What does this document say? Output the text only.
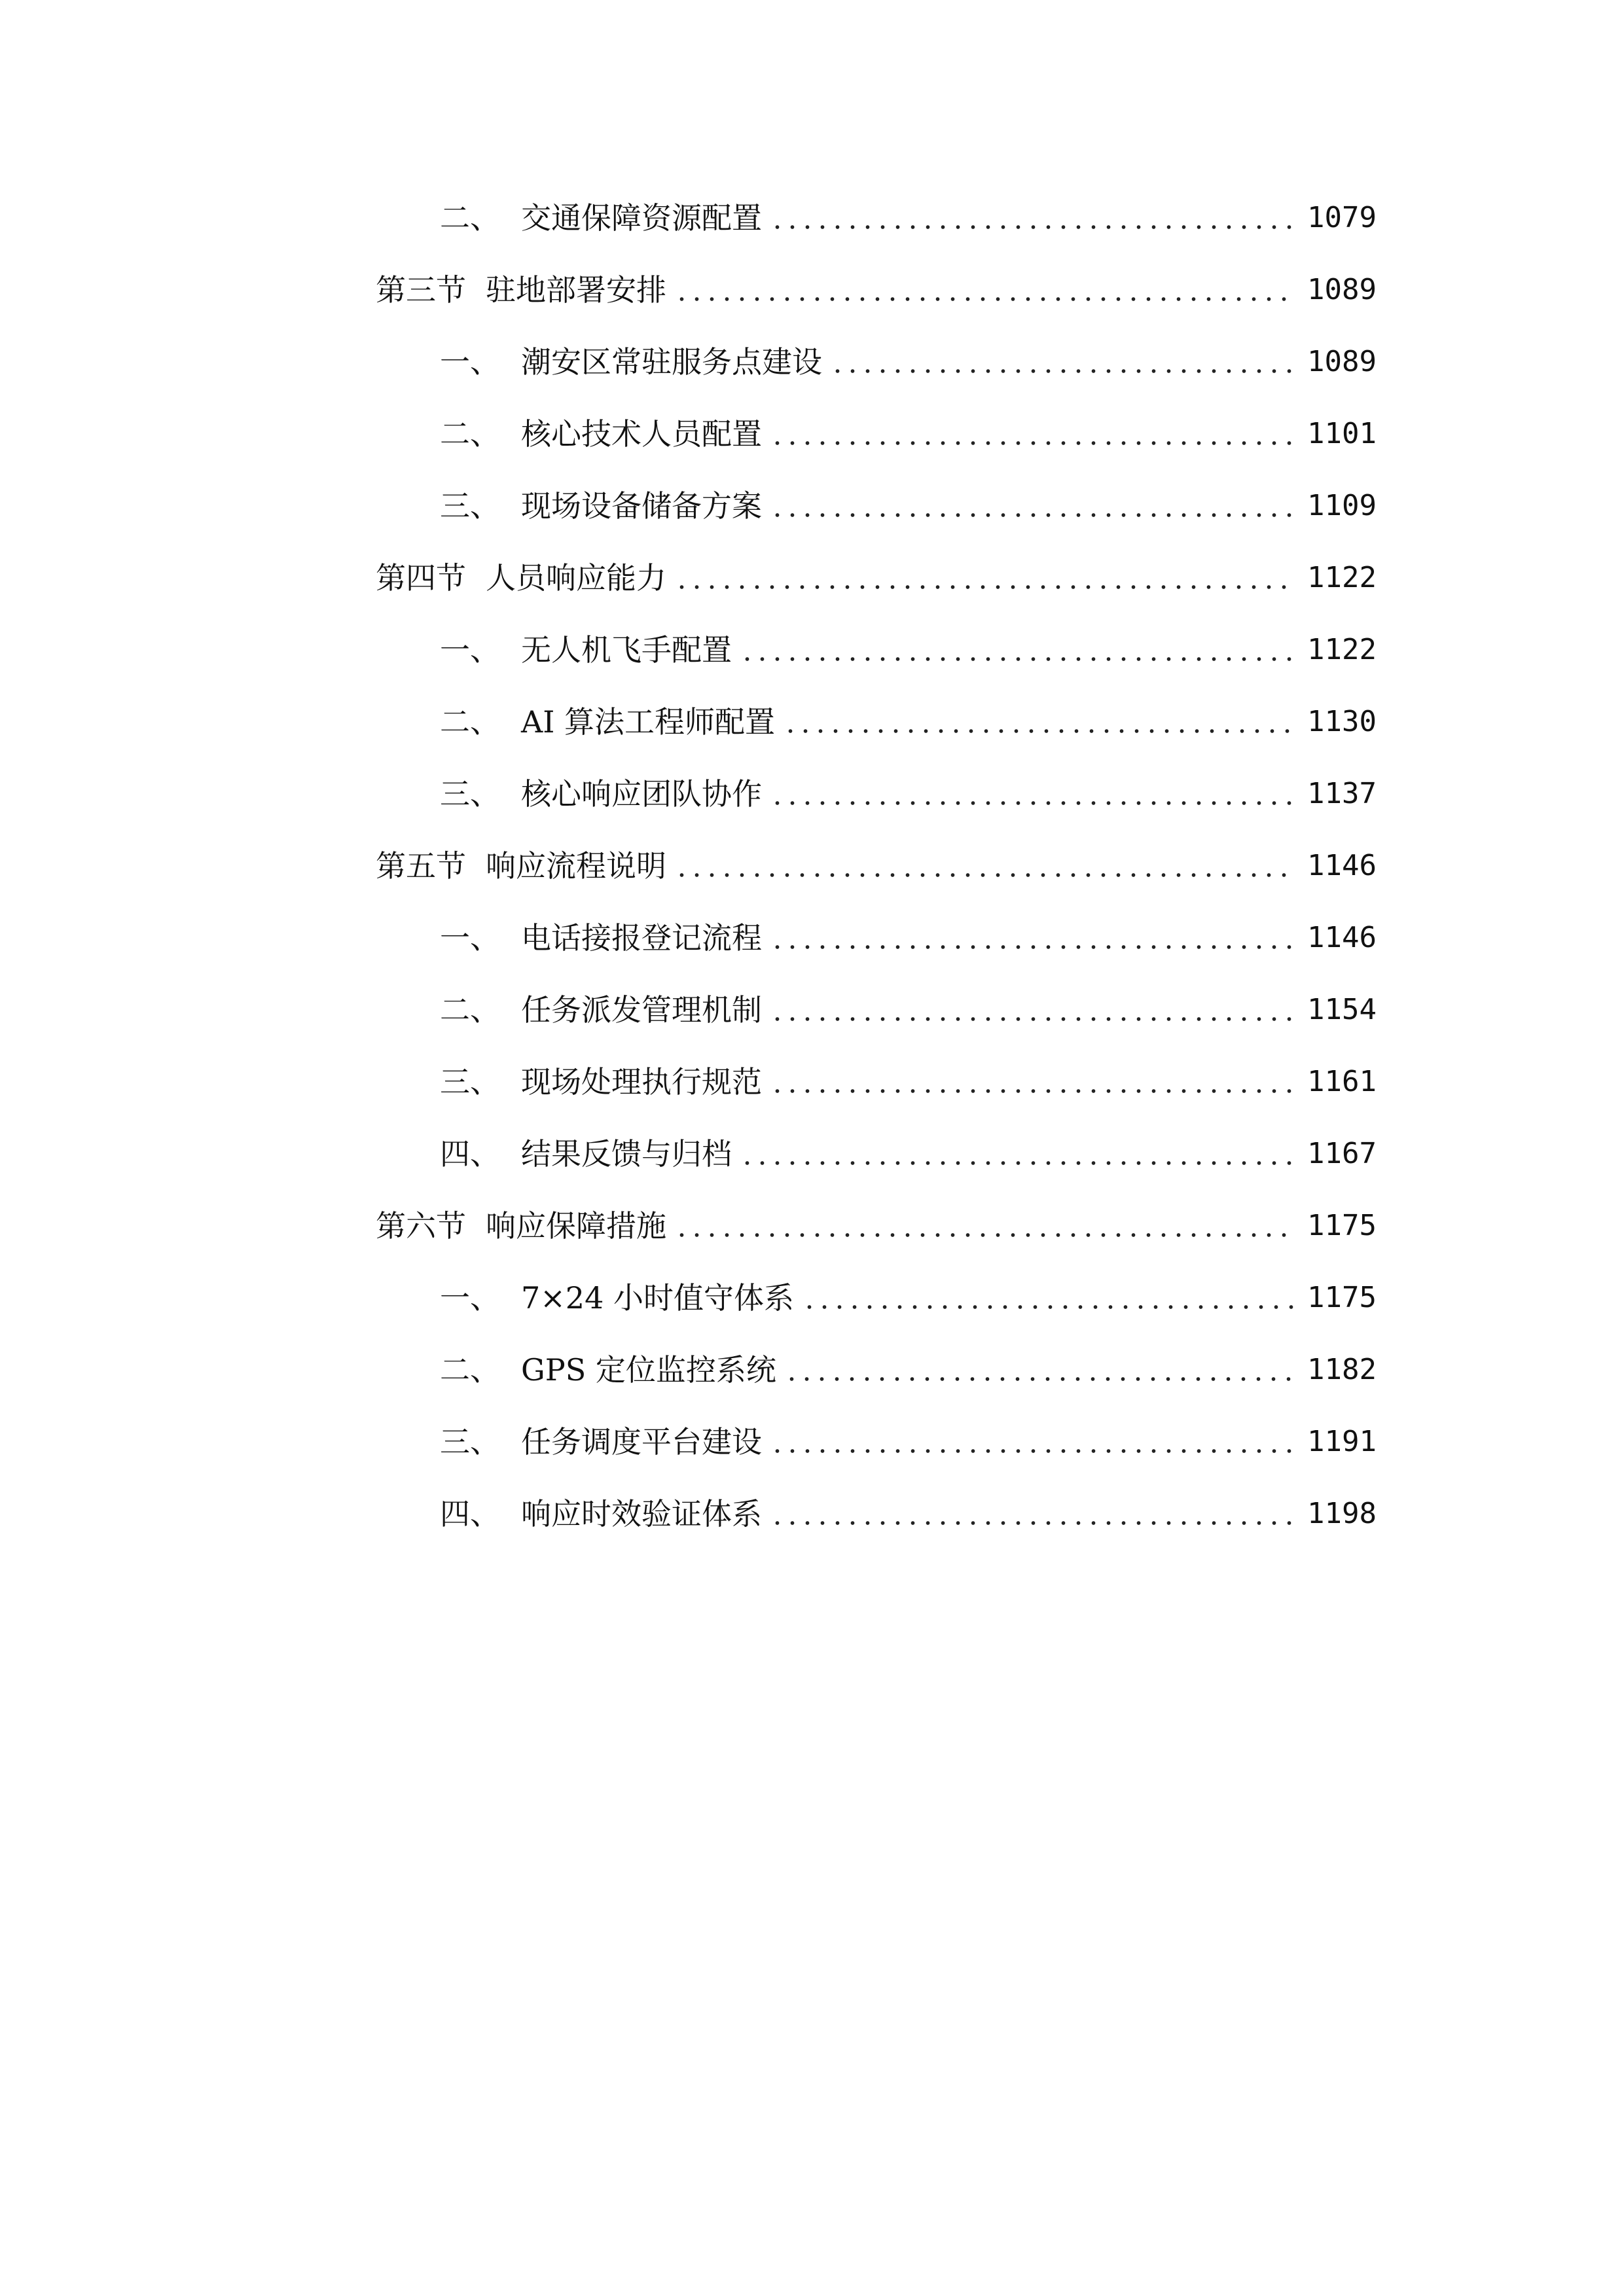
二、 交通保障资源配置	1079
第三节 驻地部署安排	1089
一、 潮安区常驻服务点建设	1089
二、 核心技术人员配置	1101
三、 现场设备储备方案	1109
第四节 人员响应能力	1122
一、 无人机飞手配置	1122
二、 AI 算法工程师配置	1130
三、 核心响应团队协作	1137
第五节 响应流程说明	1146
一、 电话接报登记流程	1146
二、 任务派发管理机制	1154
三、 现场处理执行规范	1161
四、 结果反馈与归档	1167
第六节 响应保障措施	1175
一、 7×24 小时值守体系	1175
二、 GPS 定位监控系统	1182
三、 任务调度平台建设	1191
四、 响应时效验证体系	1198
